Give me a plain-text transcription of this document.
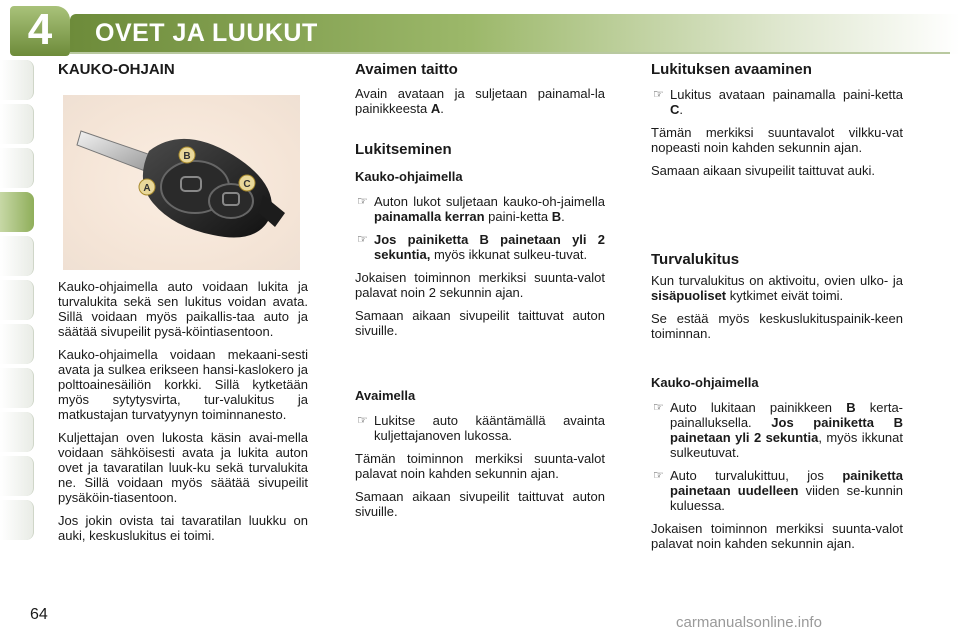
4	OVET JA LUUKUT
B
A	C
KAUKO-OHJAIN

Kauko-ohjaimella auto voidaan lukita ja turvalukita sekä sen lukitus voidan avata. Sillä voidaan myös paikallis-taa auto ja säätää sivupeilit pysä-köintiasentoon.

Kauko-ohjaimella voidaan mekaani-sesti avata ja sulkea erikseen hansi-kaslokero ja polttoainesäiliön korkki. Sillä kytketään myös sytytysvirta, tur-valukitus ja matkustajan turvatyynyn toiminnanesto.

Kuljettajan oven lukosta käsin avai-mella voidaan sähköisesti avata ja lukita auton ovet ja tavaratilan luuk-ku sekä turvalukita ne. Sillä voidaan myös säätää sivupeilit pysäköin-tiasentoon.

Jos jokin ovista tai tavaratilan luukku on auki, keskuslukitus ei toimi.

Avaimen taitto

Avain avataan ja suljetaan painamal-la painikkeesta A.

Lukitseminen
Kauko-ohjaimella
☞ Auton lukot suljetaan kauko-oh-jaimella painamalla kerran paini-ketta B.
☞ Jos painiketta B painetaan yli 2 sekuntia, myös ikkunat sulkeu-tuvat.

Jokaisen toiminnon merkiksi suunta-valot palavat noin 2 sekunnin ajan.

Samaan aikaan sivupeilit taittuvat auton sivuille.

Avaimella
☞ Lukitse auto kääntämällä avainta kuljettajanoven lukossa.

Tämän toiminnon merkiksi suunta-valot palavat noin kahden sekunnin ajan.

Samaan aikaan sivupeilit taittuvat auton sivuille.

Lukituksen avaaminen
☞ Lukitus avataan painamalla paini-ketta C.

Tämän merkiksi suuntavalot vilkku-vat nopeasti noin kahden sekunnin ajan.

Samaan aikaan sivupeilit taittuvat auki.

Turvalukitus

Kun turvalukitus on aktivoitu, ovien ulko- ja sisäpuoliset kytkimet eivät toimi.

Se estää myös keskuslukituspainik-keen toiminnan.

Kauko-ohjaimella
☞ Auto lukitaan painikkeen B kerta-painalluksella. Jos painiketta B painetaan yli 2 sekuntia, myös ikkunat sulkeutuvat.
☞ Auto turvalukittuu, jos painiketta painetaan uudelleen viiden se-kunnin kuluessa.

Jokaisen toiminnon merkiksi suunta-valot palavat noin kahden sekunnin ajan.

64	carmanualsonline.info
